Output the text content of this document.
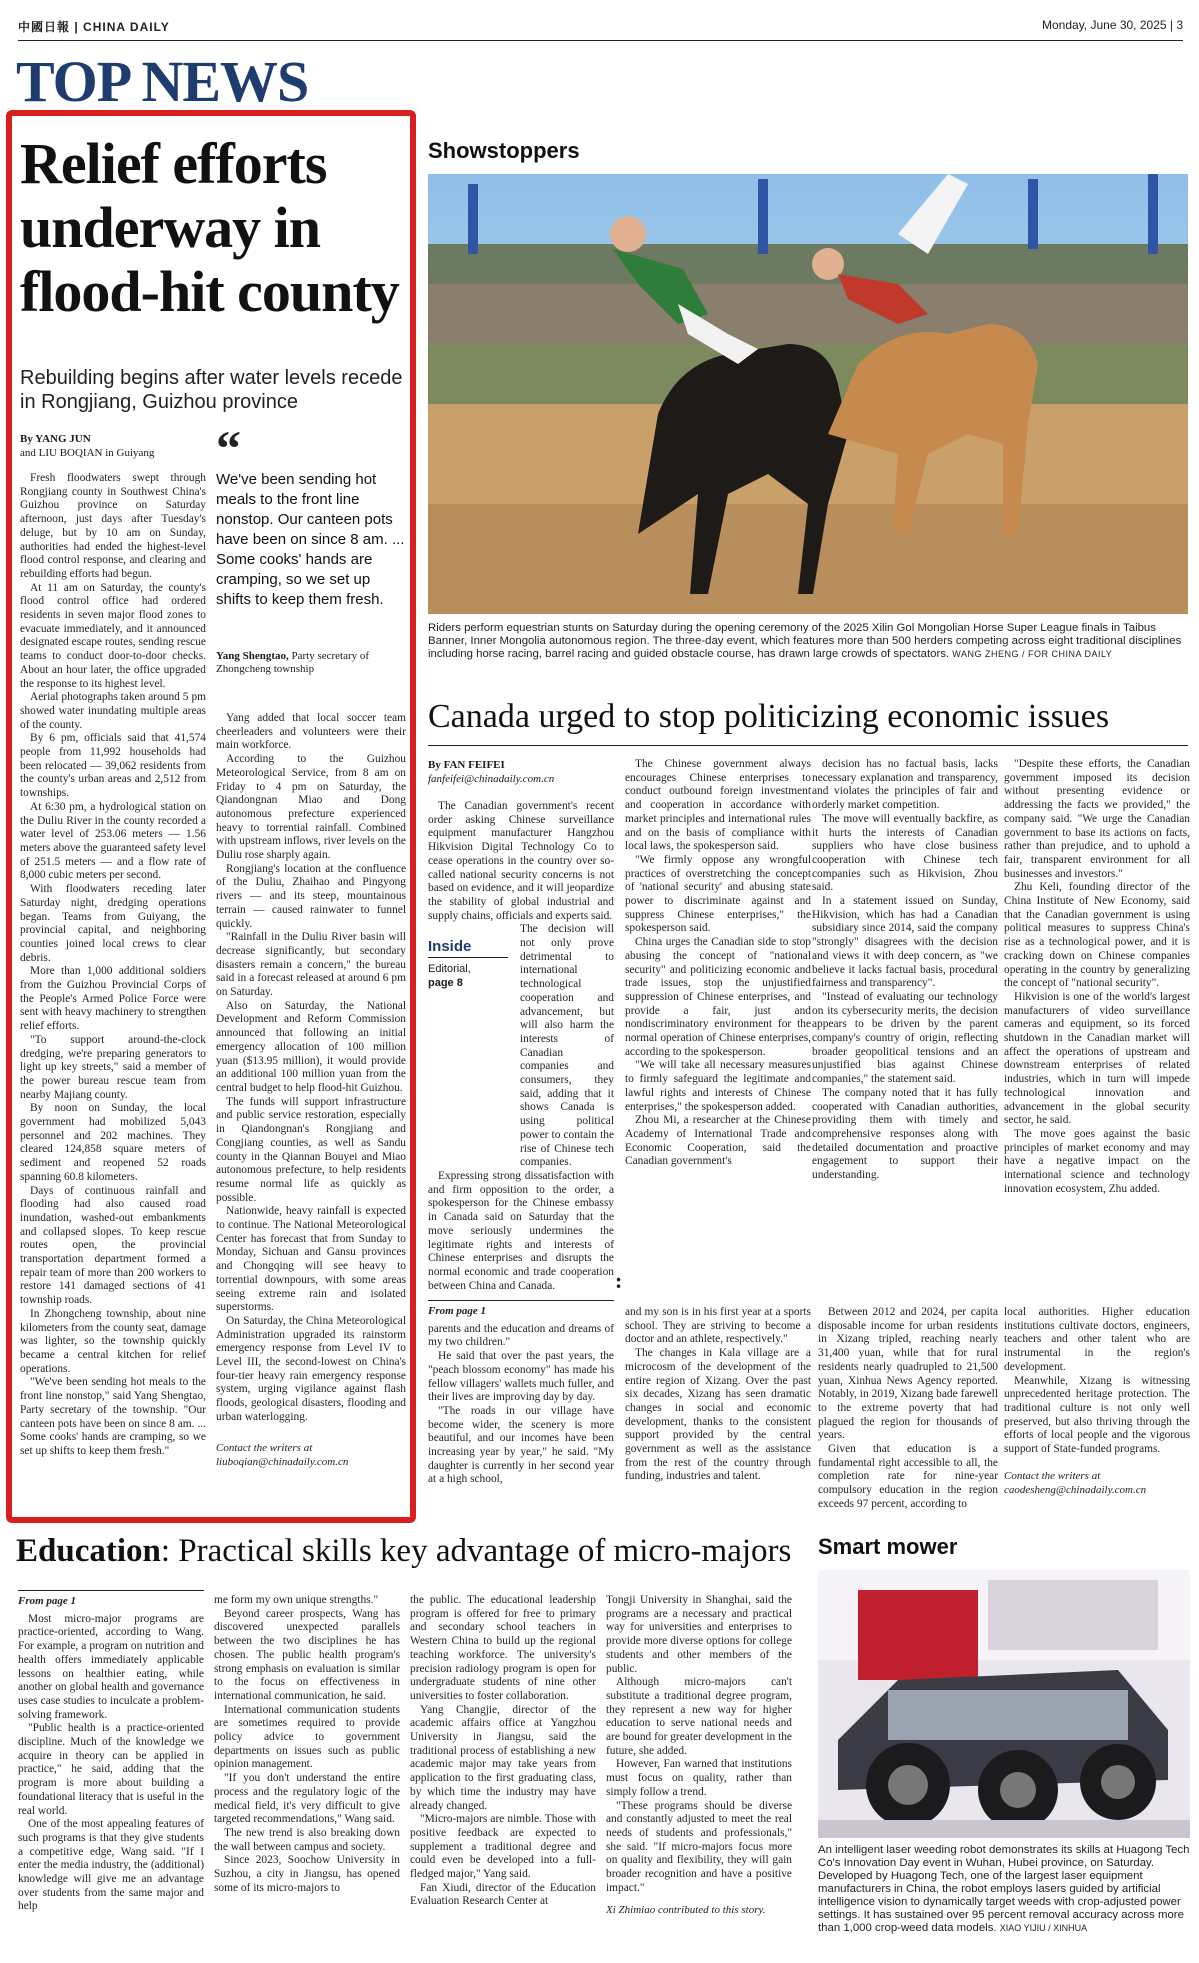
中國日報 | CHINA DAILY	Monday, June 30, 2025 | 3
TOP NEWS
Relief efforts underway in flood-hit county
Rebuilding begins after water levels recede in Rongjiang, Guizhou province
By YANG JUN
and LIU BOQIAN in Guiyang

Fresh floodwaters swept through Rongjiang county in Southwest China's Guizhou province on Saturday afternoon, just days after Tuesday's deluge, but by 10 am on Sunday, authorities had ended the highest-level flood control response, and clearing and rebuilding efforts had begun.

At 11 am on Saturday, the county's flood control office had ordered residents in seven major flood zones to evacuate immediately, and it announced designated escape routes, sending rescue teams to conduct door-to-door checks. About an hour later, the office upgraded the response to its highest level.

Aerial photographs taken around 5 pm showed water inundating multiple areas of the county.

By 6 pm, officials said that 41,574 people from 11,992 households had been relocated — 39,062 residents from the county's urban areas and 2,512 from townships.

At 6:30 pm, a hydrological station on the Duliu River in the county recorded a water level of 253.06 meters — 1.56 meters above the guaranteed safety level of 251.5 meters — and a flow rate of 8,000 cubic meters per second.

With floodwaters receding later Saturday night, dredging operations began. Teams from Guiyang, the provincial capital, and neighboring counties joined local crews to clear debris.

More than 1,000 additional soldiers from the Guizhou Provincial Corps of the People's Armed Police Force were sent with heavy machinery to strengthen relief efforts.

"To support around-the-clock dredging, we're preparing generators to light up key streets," said a member of the power bureau rescue team from nearby Majiang county.

By noon on Sunday, the local government had mobilized 5,043 personnel and 202 machines. They cleared 124,858 square meters of sediment and reopened 52 roads spanning 60.8 kilometers.

Days of continuous rainfall and flooding had also caused road inundation, washed-out embankments and collapsed slopes. To keep rescue routes open, the provincial transportation department formed a repair team of more than 200 workers to restore 141 damaged sections of 41 township roads.

In Zhongcheng township, about nine kilometers from the county seat, damage was lighter, so the township quickly became a central kitchen for relief operations.

"We've been sending hot meals to the front line nonstop," said Yang Shengtao, Party secretary of the township. "Our canteen pots have been on since 8 am. ... Some cooks' hands are cramping, so we set up shifts to keep them fresh."

“
We've been sending hot meals to the front line nonstop. Our canteen pots have been on since 8 am. ... Some cooks' hands are cramping, so we set up shifts to keep them fresh.
Yang Shengtao, Party secretary of Zhongcheng township

Yang added that local soccer team cheerleaders and volunteers were their main workforce.

According to the Guizhou Meteorological Service, from 8 am on Friday to 4 pm on Saturday, the Qiandongnan Miao and Dong autonomous prefecture experienced heavy to torrential rainfall. Combined with upstream inflows, river levels on the Duliu rose sharply again.

Rongjiang's location at the confluence of the Duliu, Zhaihao and Pingyong rivers — and its steep, mountainous terrain — caused rainwater to funnel quickly.

"Rainfall in the Duliu River basin will decrease significantly, but secondary disasters remain a concern," the bureau said in a forecast released at around 6 pm on Saturday.

Also on Saturday, the National Development and Reform Commission announced that following an initial emergency allocation of 100 million yuan ($13.95 million), it would provide an additional 100 million yuan from the central budget to help flood-hit Guizhou.

The funds will support infrastructure and public service restoration, especially in Qiandongnan's Rongjiang and Congjiang counties, as well as Sandu county in the Qiannan Bouyei and Miao autonomous prefecture, to help residents resume normal life as quickly as possible.

Nationwide, heavy rainfall is expected to continue. The National Meteorological Center has forecast that from Sunday to Monday, Sichuan and Gansu provinces and Chongqing will see heavy to torrential downpours, with some areas seeing extreme rain and isolated superstorms.

On Saturday, the China Meteorological Administration upgraded its rainstorm emergency response from Level IV to Level III, the second-lowest on China's four-tier heavy rain emergency response system, urging vigilance against flash floods, geological disasters, flooding and urban waterlogging.

Contact the writers at
liuboqian@chinadaily.com.cn
Showstoppers
Riders perform equestrian stunts on Saturday during the opening ceremony of the 2025 Xilin Gol Mongolian Horse Super League finals in Taibus Banner, Inner Mongolia autonomous region. The three-day event, which features more than 500 herders competing across eight traditional disciplines including horse racing, barrel racing and guided obstacle course, has drawn large crowds of spectators. WANG ZHENG / FOR CHINA DAILY
Canada urged to stop politicizing economic issues
By FAN FEIFEI
fanfeifei@chinadaily.com.cn

The Canadian government's recent order asking Chinese surveillance equipment manufacturer Hangzhou Hikvision Digital Technology Co to cease operations in the country over so-called national security concerns is not based on evidence, and it will jeopardize the stability of global industrial and supply chains, officials and experts said.

The decision will not only prove detrimental to international technological cooperation and advancement, but will also harm the interests of Canadian companies and consumers, they said, adding that it shows Canada is using political power to contain the rise of Chinese tech companies.

Expressing strong dissatisfaction with and firm opposition to the order, a spokesperson for the Chinese embassy in Canada said on Saturday that the move seriously undermines the legitimate rights and interests of Chinese enterprises and disrupts the normal economic and trade cooperation between China and Canada.

Inside
Editorial,
page 8

The Chinese government always encourages Chinese enterprises to conduct outbound foreign investment and cooperation in accordance with market principles and international rules and on the basis of compliance with local laws, the spokesperson said.

"We firmly oppose any wrongful practices of overstretching the concept of 'national security' and abusing state power to discriminate against and suppress Chinese enterprises," the spokesperson said.

China urges the Canadian side to stop abusing the concept of "national security" and politicizing economic and trade issues, stop the unjustified suppression of Chinese enterprises, and provide a fair, just and nondiscriminatory environment for the normal operation of Chinese enterprises, according to the spokesperson.

"We will take all necessary measures to firmly safeguard the legitimate and lawful rights and interests of Chinese enterprises," the spokesperson added.

Zhou Mi, a researcher at the Chinese Academy of International Trade and Economic Cooperation, said the Canadian government's

decision has no factual basis, lacks necessary explanation and transparency, and violates the principles of fair and orderly market competition.

The move will eventually backfire, as it hurts the interests of Canadian suppliers who have close business cooperation with Chinese tech companies such as Hikvision, Zhou said.

In a statement issued on Sunday, Hikvision, which has had a Canadian subsidiary since 2014, said the company "strongly" disagrees with the decision and views it with deep concern, as "we believe it lacks factual basis, procedural fairness and transparency".

"Instead of evaluating our technology on its cybersecurity merits, the decision appears to be driven by the parent company's country of origin, reflecting broader geopolitical tensions and an unjustified bias against Chinese companies," the statement said.

The company noted that it has fully cooperated with Canadian authorities, providing them with timely and comprehensive responses along with detailed documentation and proactive engagement to support their understanding.

"Despite these efforts, the Canadian government imposed its decision without presenting evidence or addressing the facts we provided," the company said. "We urge the Canadian government to base its actions on facts, rather than prejudice, and to uphold a fair, transparent environment for all businesses and investors."

Zhu Keli, founding director of the China Institute of New Economy, said that the Canadian government is using political measures to suppress China's rise as a technological power, and it is cracking down on Chinese companies operating in the country by generalizing the concept of "national security".

Hikvision is one of the world's largest manufacturers of video surveillance cameras and equipment, so its forced shutdown in the Canadian market will affect the operations of upstream and downstream enterprises of related industries, which in turn will impede technological innovation and advancement in the global security sector, he said.

The move goes against the basic principles of market economy and may have a negative impact on the international science and technology innovation ecosystem, Zhu added.

:
From page 1

parents and the education and dreams of my two children."

He said that over the past years, the "peach blossom economy" has made his fellow villagers' wallets much fuller, and their lives are improving day by day.

"The roads in our village have become wider, the scenery is more beautiful, and our incomes have been increasing year by year," he said. "My daughter is currently in her second year at a high school,

and my son is in his first year at a sports school. They are striving to become a doctor and an athlete, respectively."

The changes in Kala village are a microcosm of the development of the entire region of Xizang. Over the past six decades, Xizang has seen dramatic changes in social and economic development, thanks to the consistent support provided by the central government as well as the assistance from the rest of the country through funding, industries and talent.

Between 2012 and 2024, per capita disposable income for urban residents in Xizang tripled, reaching nearly 31,400 yuan, while that for rural residents nearly quadrupled to 21,500 yuan, Xinhua News Agency reported. Notably, in 2019, Xizang bade farewell to the extreme poverty that had plagued the region for thousands of years.

Given that education is a fundamental right accessible to all, the completion rate for nine-year compulsory education in the region exceeds 97 percent, according to

local authorities. Higher education institutions cultivate doctors, engineers, teachers and other talent who are instrumental in the region's development.

Meanwhile, Xizang is witnessing unprecedented heritage protection. The traditional culture is not only well preserved, but also thriving through the efforts of local people and the vigorous support of State-funded programs.

Contact the writers at
caodesheng@chinadaily.com.cn
Education: Practical skills key advantage of micro-majors
From page 1

Most micro-major programs are practice-oriented, according to Wang. For example, a program on nutrition and health offers immediately applicable lessons on healthier eating, while another on global health and governance uses case studies to inculcate a problem-solving framework.

"Public health is a practice-oriented discipline. Much of the knowledge we acquire in theory can be applied in practice," he said, adding that the program is more about building a foundational literacy that is useful in the real world.

One of the most appealing features of such programs is that they give students a competitive edge, Wang said. "If I enter the media industry, the (additional) knowledge will give me an advantage over students from the same major and help

me form my own unique strengths."

Beyond career prospects, Wang has discovered unexpected parallels between the two disciplines he has chosen. The public health program's strong emphasis on evaluation is similar to the focus on effectiveness in international communication, he said.

International communication students are sometimes required to provide policy advice to government departments on issues such as public opinion management.

"If you don't understand the entire process and the regulatory logic of the medical field, it's very difficult to give targeted recommendations," Wang said.

The new trend is also breaking down the wall between campus and society.

Since 2023, Soochow University in Suzhou, a city in Jiangsu, has opened some of its micro-majors to

the public. The educational leadership program is offered for free to primary and secondary school teachers in Western China to build up the regional teaching workforce. The university's precision radiology program is open for undergraduate students of nine other universities to foster collaboration.

Yang Changjie, director of the academic affairs office at Yangzhou University in Jiangsu, said the traditional process of establishing a new academic major may take years from application to the first graduating class, by which time the industry may have already changed.

"Micro-majors are nimble. Those with positive feedback are expected to supplement a traditional degree and could even be developed into a full-fledged major," Yang said.

Fan Xiudi, director of the Education Evaluation Research Center at

Tongji University in Shanghai, said the programs are a necessary and practical way for universities and enterprises to provide more diverse options for college students and other members of the public.

Although micro-majors can't substitute a traditional degree program, they represent a new way for higher education to serve national needs and are bound for greater development in the future, she added.

However, Fan warned that institutions must focus on quality, rather than simply follow a trend.

"These programs should be diverse and constantly adjusted to meet the real needs of students and professionals," she said. "If micro-majors focus more on quality and flexibility, they will gain broader recognition and have a positive impact."

Xi Zhimiao contributed to this story.

Smart mower
An intelligent laser weeding robot demonstrates its skills at Huagong Tech Co's Innovation Day event in Wuhan, Hubei province, on Saturday. Developed by Huagong Tech, one of the largest laser equipment manufacturers in China, the robot employs lasers guided by artificial intelligence vision to dynamically target weeds with crop-adjusted power settings. It has sustained over 95 percent removal accuracy across more than 1,000 crop-weed data models. XIAO YIJIU / XINHUA
